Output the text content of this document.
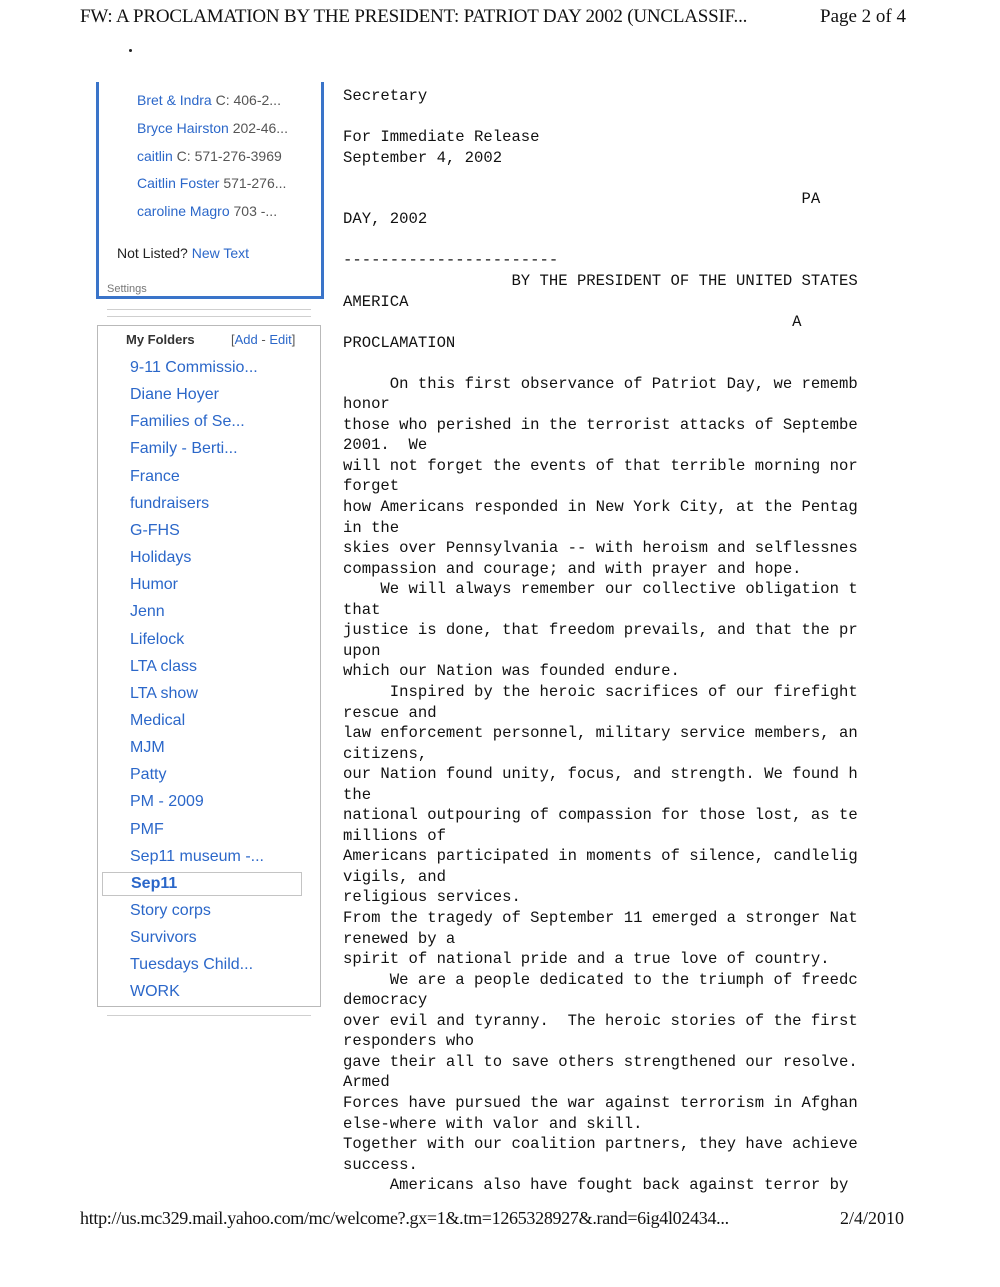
FW: A PROCLAMATION BY THE PRESIDENT: PATRIOT DAY 2002 (UNCLASSIF...	Page 2 of 4
Bret & Indra C: 406-2...
Bryce Hairston 202-46...
caitlin C: 571-276-3969
Caitlin Foster 571-276...
caroline Magro 703 -...
Not Listed? New Text
Settings
My Folders	[Add - Edit]
9-11 Commissio...
Diane Hoyer
Families of Se...
Family - Berti...
France
fundraisers
G-FHS
Holidays
Humor
Jenn
Lifelock
LTA class
LTA show
Medical
MJM
Patty
PM - 2009
PMF
Sep11 museum -...
Sep11
Story corps
Survivors
Tuesdays Child...
WORK
Secretary
For Immediate Release
September 4, 2002
PA
DAY, 2002
-----------------------
BY THE PRESIDENT OF THE UNITED STATES
AMERICA
A
PROCLAMATION
On this first observance of Patriot Day, we rememb
honor
those who perished in the terrorist attacks of Septembe
2001.  We
will not forget the events of that terrible morning nor
forget
how Americans responded in New York City, at the Pentag
in the
skies over Pennsylvania -- with heroism and selflessnes
compassion and courage; and with prayer and hope.
We will always remember our collective obligation t
that
justice is done, that freedom prevails, and that the pr
upon
which our Nation was founded endure.
Inspired by the heroic sacrifices of our firefight
rescue and
law enforcement personnel, military service members, an
citizens,
our Nation found unity, focus, and strength. We found h
the
national outpouring of compassion for those lost, as te
millions of
Americans participated in moments of silence, candlelig
vigils, and
religious services.
From the tragedy of September 11 emerged a stronger Nat
renewed by a
spirit of national pride and a true love of country.
We are a people dedicated to the triumph of freedc
democracy
over evil and tyranny.  The heroic stories of the first
responders who
gave their all to save others strengthened our resolve.
Armed
Forces have pursued the war against terrorism in Afghan
else-where with valor and skill.
Together with our coalition partners, they have achieve
success.
Americans also have fought back against terror by
http://us.mc329.mail.yahoo.com/mc/welcome?.gx=1&.tm=1265328927&.rand=6ig4l02434...	2/4/2010
